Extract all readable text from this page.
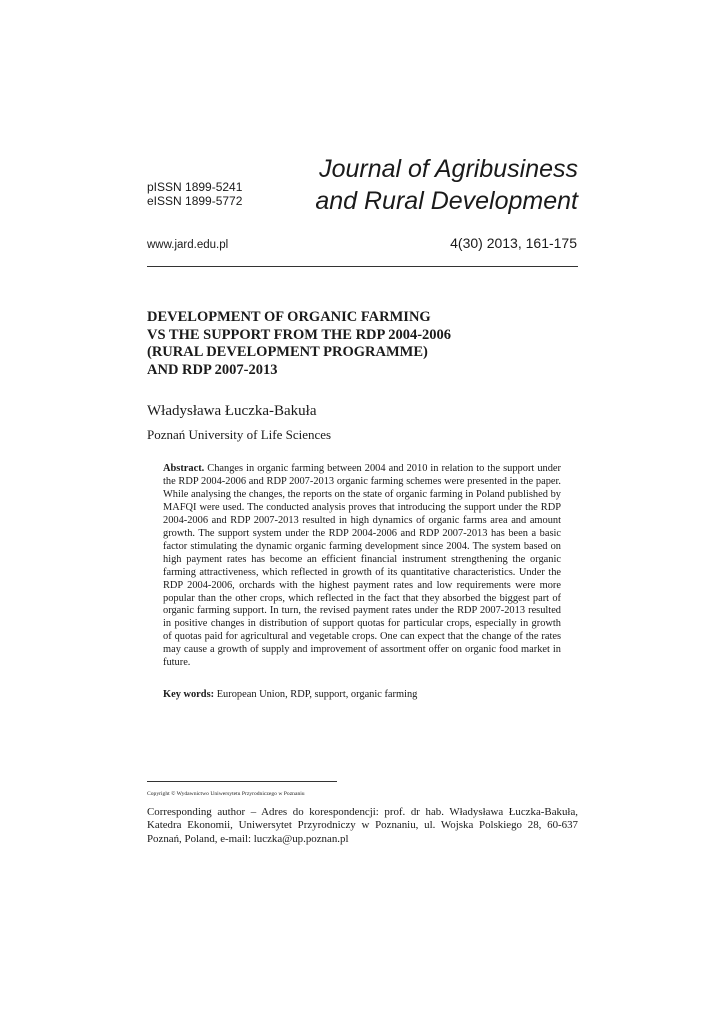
pISSN 1899-5241
eISSN 1899-5772
Journal of Agribusiness
and Rural Development
www.jard.edu.pl	4(30) 2013, 161-175
DEVELOPMENT OF ORGANIC FARMING
VS THE SUPPORT FROM THE RDP 2004-2006
(RURAL DEVELOPMENT PROGRAMME)
AND RDP 2007-2013
Władysława Łuczka-Bakuła
Poznań University of Life Sciences
Abstract. Changes in organic farming between 2004 and 2010 in relation to the support under the RDP 2004-2006 and RDP 2007-2013 organic farming schemes were presented in the paper. While analysing the changes, the reports on the state of organic farming in Poland published by MAFQI were used. The conducted analysis proves that introducing the support under the RDP 2004-2006 and RDP 2007-2013 resulted in high dynamics of organic farms area and amount growth. The support system under the RDP 2004-2006 and RDP 2007-2013 has been a basic factor stimulating the dynamic organic farming development since 2004. The system based on high payment rates has become an efficient financial instrument strengthening the organic farming attractiveness, which reflected in growth of its quantitative characteristics. Under the RDP 2004-2006, orchards with the highest payment rates and low requirements were more popular than the other crops, which reflected in the fact that they absorbed the biggest part of organic farming support. In turn, the revised payment rates under the RDP 2007-2013 resulted in positive changes in distribution of support quotas for particular crops, especially in growth of quotas paid for agricultural and vegetable crops. One can expect that the change of the rates may cause a growth of supply and improvement of assortment offer on organic food market in future.
Key words: European Union, RDP, support, organic farming
Copyright © Wydawnictwo Uniwersytetu Przyrodniczego w Poznaniu
Corresponding author – Adres do korespondencji: prof. dr hab. Władysława Łuczka-Bakuła, Katedra Ekonomii, Uniwersytet Przyrodniczy w Poznaniu, ul. Wojska Polskiego 28, 60-637 Poznań, Poland, e-mail: luczka@up.poznan.pl
